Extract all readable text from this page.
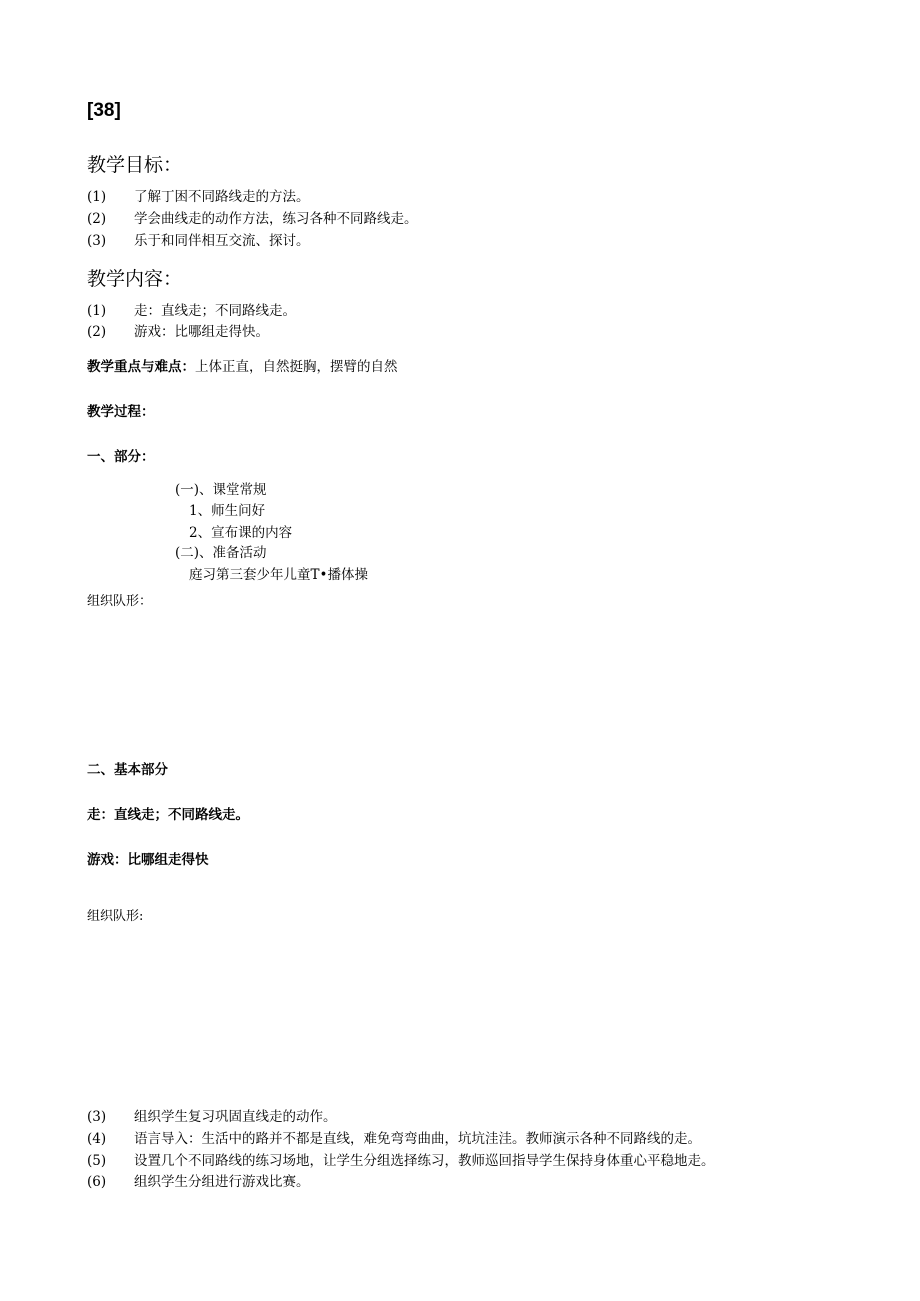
[38]
教学目标：
(1) 了解丁困不同路线走的方法。
(2) 学会曲线走的动作方法，练习各种不同路线走。
(3) 乐于和同伴相互交流、探讨。
教学内容：
(1) 走：直线走；不同路线走。
(2) 游戏：比哪组走得快。
教学重点与难点：上体正直，自然挺胸，摆臂的自然
教学过程：
一、部分：
(一)、课堂常规
1、师生问好
2、宣布课的内容
(二)、准备活动
庭习第三套少年儿童T•播体操
组织队形：
二、基本部分
走：直线走；不同路线走。
游戏：比哪组走得快
组织队形:
(3) 组织学生复习巩固直线走的动作。
(4) 语言导入：生活中的路并不都是直线，难免弯弯曲曲，坑坑洼洼。教师演示各种不同路线的走。
(5) 设置几个不同路线的练习场地，让学生分组选择练习，教师巡回指导学生保持身体重心平稳地走。
(6) 组织学生分组进行游戏比赛。
